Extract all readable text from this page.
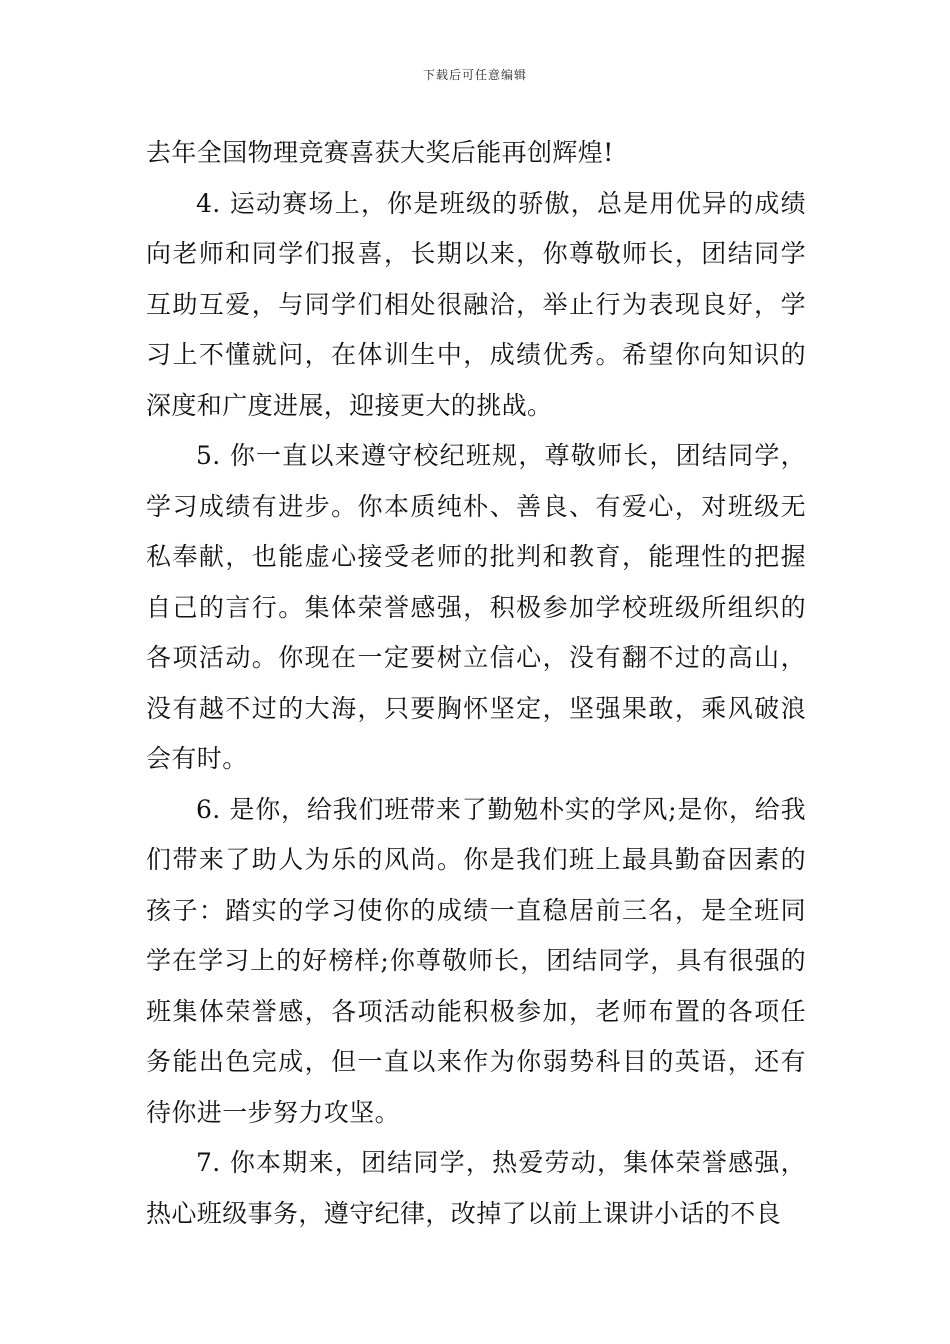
下载后可任意编辑

去年全国物理竞赛喜获大奖后能再创辉煌!

4. 运动赛场上，你是班级的骄傲，总是用优异的成绩向老师和同学们报喜，长期以来，你尊敬师长，团结同学互助互爱，与同学们相处很融洽，举止行为表现良好，学习上不懂就问，在体训生中，成绩优秀。希望你向知识的深度和广度进展，迎接更大的挑战。

5. 你一直以来遵守校纪班规，尊敬师长，团结同学，学习成绩有进步。你本质纯朴、善良、有爱心，对班级无私奉献，也能虚心接受老师的批判和教育，能理性的把握自己的言行。集体荣誉感强，积极参加学校班级所组织的各项活动。你现在一定要树立信心，没有翻不过的高山，没有越不过的大海，只要胸怀坚定，坚强果敢，乘风破浪会有时。

6. 是你，给我们班带来了勤勉朴实的学风;是你，给我们带来了助人为乐的风尚。你是我们班上最具勤奋因素的孩子：踏实的学习使你的成绩一直稳居前三名，是全班同学在学习上的好榜样;你尊敬师长，团结同学，具有很强的班集体荣誉感，各项活动能积极参加，老师布置的各项任务能出色完成，但一直以来作为你弱势科目的英语，还有待你进一步努力攻坚。

7. 你本期来，团结同学，热爱劳动，集体荣誉感强，热心班级事务，遵守纪律，改掉了以前上课讲小话的不良
